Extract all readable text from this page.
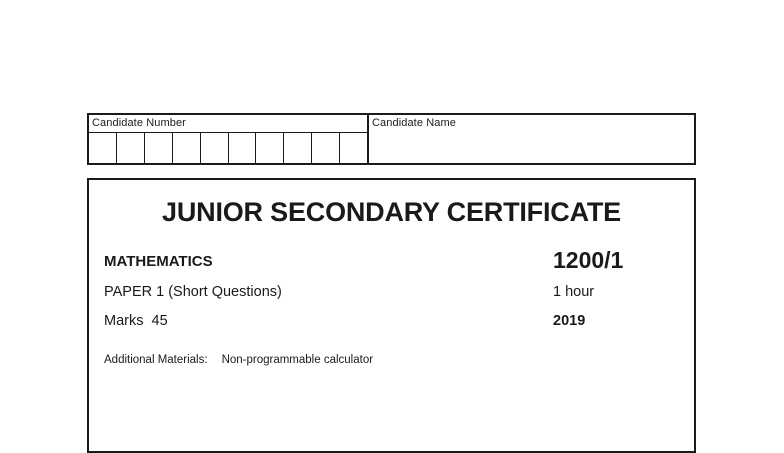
Candidate Number	Candidate Name
JUNIOR SECONDARY CERTIFICATE
MATHEMATICS	1200/1
PAPER 1 (Short Questions)	1 hour
Marks  45	2019
Additional Materials: Non-programmable calculator
